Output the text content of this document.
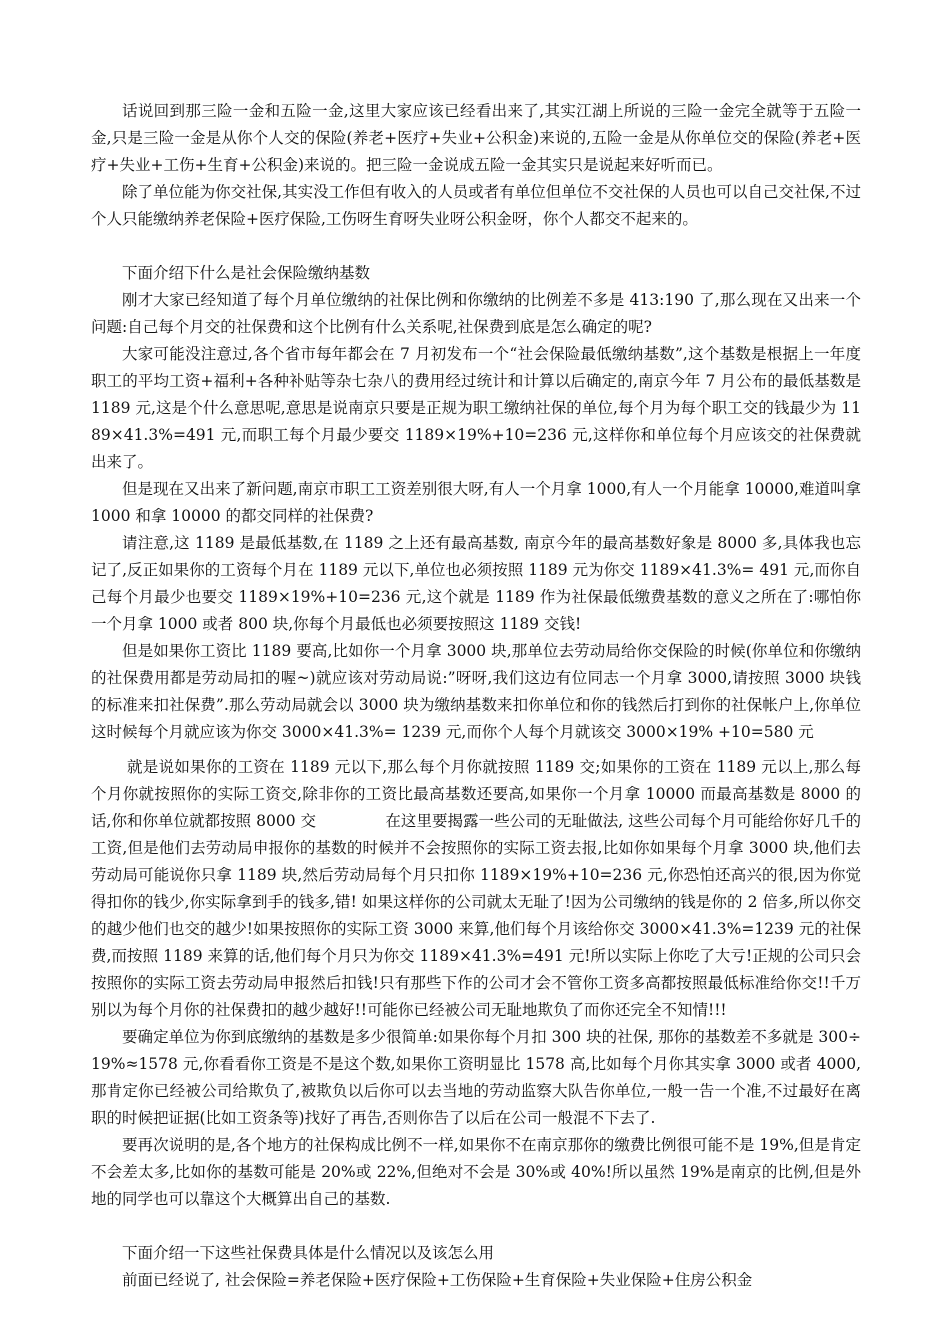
话说回到那三险一金和五险一金,这里大家应该已经看出来了,其实江湖上所说的三险一金完全就等于五险一金,只是三险一金是从你个人交的保险(养老+医疗+失业+公积金)来说的,五险一金是从你单位交的保险(养老+医疗+失业+工伤+生育+公积金)来说的。把三险一金说成五险一金其实只是说起来好听而已。

除了单位能为你交社保,其实没工作但有收入的人员或者有单位但单位不交社保的人员也可以自己交社保,不过个人只能缴纳养老保险+医疗保险,工伤呀生育呀失业呀公积金呀，你个人都交不起来的。

下面介绍下什么是社会保险缴纳基数

刚才大家已经知道了每个月单位缴纳的社保比例和你缴纳的比例差不多是 413:190 了,那么现在又出来一个问题:自己每个月交的社保费和这个比例有什么关系呢,社保费到底是怎么确定的呢?

大家可能没注意过,各个省市每年都会在 7 月初发布一个“社会保险最低缴纳基数”,这个基数是根据上一年度职工的平均工资+福利+各种补贴等杂七杂八的费用经过统计和计算以后确定的,南京今年 7 月公布的最低基数是 1189 元,这是个什么意思呢,意思是说南京只要是正规为职工缴纳社保的单位,每个月为每个职工交的钱最少为 1189×41.3%=491 元,而职工每个月最少要交 1189×19%+10=236 元,这样你和单位每个月应该交的社保费就出来了。

但是现在又出来了新问题,南京市职工工资差别很大呀,有人一个月拿 1000,有人一个月能拿 10000,难道叫拿 1000 和拿 10000 的都交同样的社保费?

请注意,这 1189 是最低基数,在 1189 之上还有最高基数, 南京今年的最高基数好象是 8000 多,具体我也忘记了,反正如果你的工资每个月在 1189 元以下,单位也必须按照 1189 元为你交 1189×41.3%= 491 元,而你自己每个月最少也要交 1189×19%+10=236 元,这个就是 1189 作为社保最低缴费基数的意义之所在了:哪怕你一个月拿 1000 或者 800 块,你每个月最低也必须要按照这 1189 交钱!

但是如果你工资比 1189 要高,比如你一个月拿 3000 块,那单位去劳动局给你交保险的时候(你单位和你缴纳的社保费用都是劳动局扣的喔~)就应该对劳动局说:”呀呀,我们这边有位同志一个月拿 3000,请按照 3000 块钱的标准来扣社保费”.那么劳动局就会以 3000 块为缴纳基数来扣你单位和你的钱然后打到你的社保帐户上,你单位这时候每个月就应该为你交 3000×41.3%= 1239 元,而你个人每个月就该交 3000×19% +10=580 元

就是说如果你的工资在 1189 元以下,那么每个月你就按照 1189 交;如果你的工资在 1189 元以上,那么每个月你就按照你的实际工资交,除非你的工资比最高基数还要高,如果你一个月拿 10000 而最高基数是 8000 的话,你和你单位就都按照 8000 交              在这里要揭露一些公司的无耻做法, 这些公司每个月可能给你好几千的工资,但是他们去劳动局申报你的基数的时候并不会按照你的实际工资去报,比如你如果每个月拿 3000 块,他们去劳动局可能说你只拿 1189 块,然后劳动局每个月只扣你 1189×19%+10=236 元,你恐怕还高兴的很,因为你觉得扣你的钱少,你实际拿到手的钱多,错! 如果这样你的公司就太无耻了!因为公司缴纳的钱是你的 2 倍多,所以你交的越少他们也交的越少!如果按照你的实际工资 3000 来算,他们每个月该给你交 3000×41.3%=1239 元的社保费,而按照 1189 来算的话,他们每个月只为你交 1189×41.3%=491 元!所以实际上你吃了大亏!正规的公司只会按照你的实际工资去劳动局申报然后扣钱!只有那些下作的公司才会不管你工资多高都按照最低标准给你交!!千万别以为每个月你的社保费扣的越少越好!!可能你已经被公司无耻地欺负了而你还完全不知情!!!

要确定单位为你到底缴纳的基数是多少很简单:如果你每个月扣 300 块的社保, 那你的基数差不多就是 300÷19%≈1578 元,你看看你工资是不是这个数,如果你工资明显比 1578 高,比如每个月你其实拿 3000 或者 4000,那肯定你已经被公司给欺负了,被欺负以后你可以去当地的劳动监察大队告你单位,一般一告一个准,不过最好在离职的时候把证据(比如工资条等)找好了再告,否则你告了以后在公司一般混不下去了.

要再次说明的是,各个地方的社保构成比例不一样,如果你不在南京那你的缴费比例很可能不是 19%,但是肯定不会差太多,比如你的基数可能是 20%或 22%,但绝对不会是 30%或 40%!所以虽然 19%是南京的比例,但是外地的同学也可以靠这个大概算出自己的基数.

下面介绍一下这些社保费具体是什么情况以及该怎么用

前面已经说了, 社会保险=养老保险+医疗保险+工伤保险+生育保险+失业保险+住房公积金
